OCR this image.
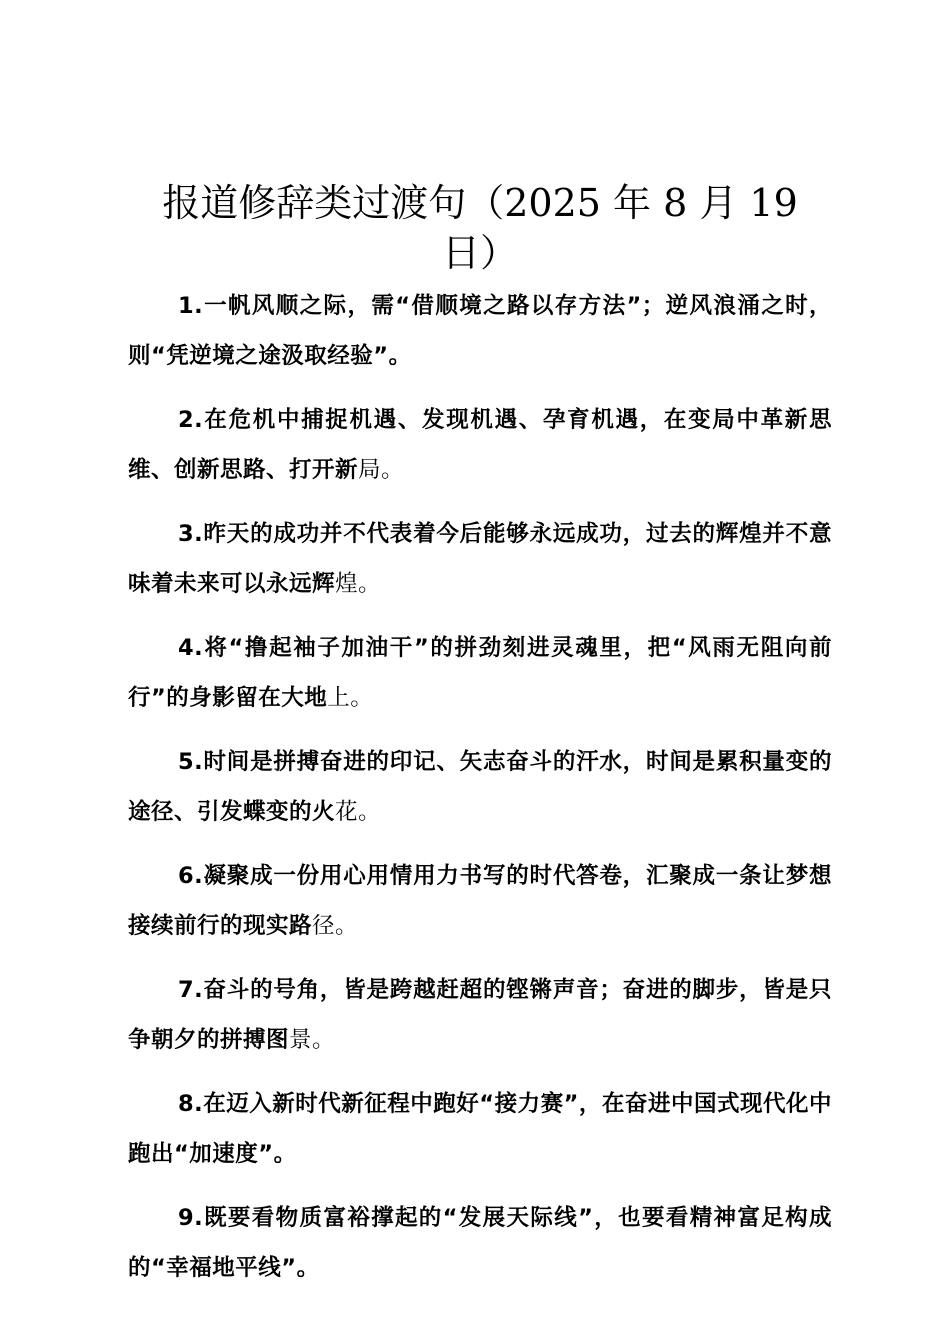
报道修辞类过渡句（2025 年 8 月 19 日）

1.一帆风顺之际，需“借顺境之路以存方法”；逆风浪涌之时，则“凭逆境之途汲取经验”。

2.在危机中捕捉机遇、发现机遇、孕育机遇，在变局中革新思维、创新思路、打开新局。

3.昨天的成功并不代表着今后能够永远成功，过去的辉煌并不意味着未来可以永远辉煌。

4.将“撸起袖子加油干”的拼劲刻进灵魂里，把“风雨无阻向前行”的身影留在大地上。

5.时间是拼搏奋进的印记、矢志奋斗的汗水，时间是累积量变的途径、引发蝶变的火花。

6.凝聚成一份用心用情用力书写的时代答卷，汇聚成一条让梦想接续前行的现实路径。

7.奋斗的号角，皆是跨越赶超的铿锵声音；奋进的脚步，皆是只争朝夕的拼搏图景。

8.在迈入新时代新征程中跑好“接力赛”，在奋进中国式现代化中跑出“加速度”。

9.既要看物质富裕撑起的“发展天际线”，也要看精神富足构成的“幸福地平线”。
